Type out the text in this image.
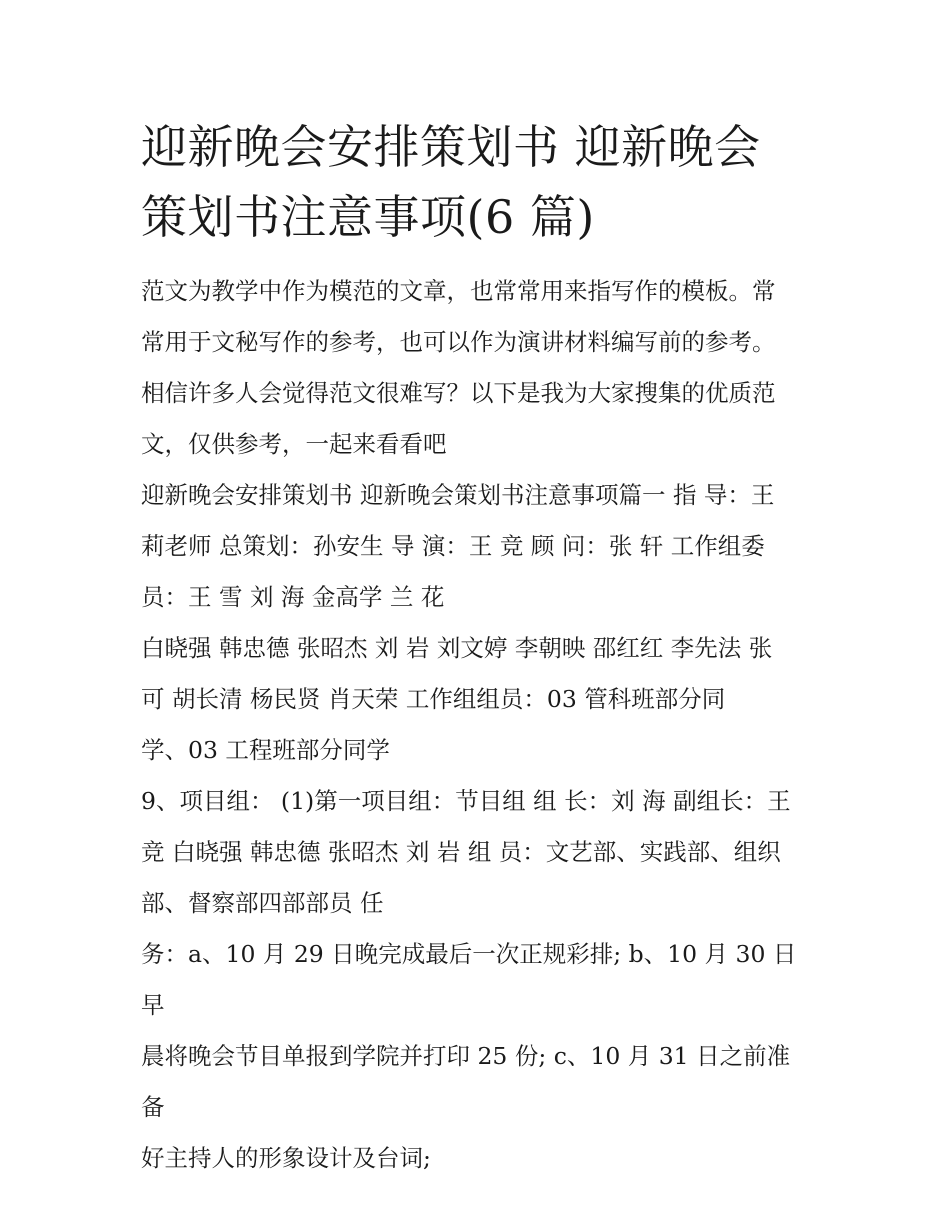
迎新晚会安排策划书 迎新晚会
策划书注意事项(6 篇)

范文为教学中作为模范的文章，也常常用来指写作的模板。常
常用于文秘写作的参考，也可以作为演讲材料编写前的参考。
相信许多人会觉得范文很难写？以下是我为大家搜集的优质范
文，仅供参考，一起来看看吧

迎新晚会安排策划书 迎新晚会策划书注意事项篇一 指 导：王
莉老师 总策划：孙安生 导 演：王 竞 顾 问：张 轩 工作组委
员：王 雪 刘 海 金高学 兰 花

白晓强 韩忠德 张昭杰 刘 岩 刘文婷 李朝映 邵红红 李先法 张
可 胡长清 杨民贤 肖天荣 工作组组员：03 管科班部分同
学、03 工程班部分同学

9、项目组： (1)第一项目组：节目组 组 长：刘 海 副组长：王
竞 白晓强 韩忠德 张昭杰 刘 岩 组 员：文艺部、实践部、组织
部、督察部四部部员 任

务：a、10 月 29 日晚完成最后一次正规彩排; b、10 月 30 日早
晨将晚会节目单报到学院并打印 25 份; c、10 月 31 日之前准备
好主持人的形象设计及台词;
